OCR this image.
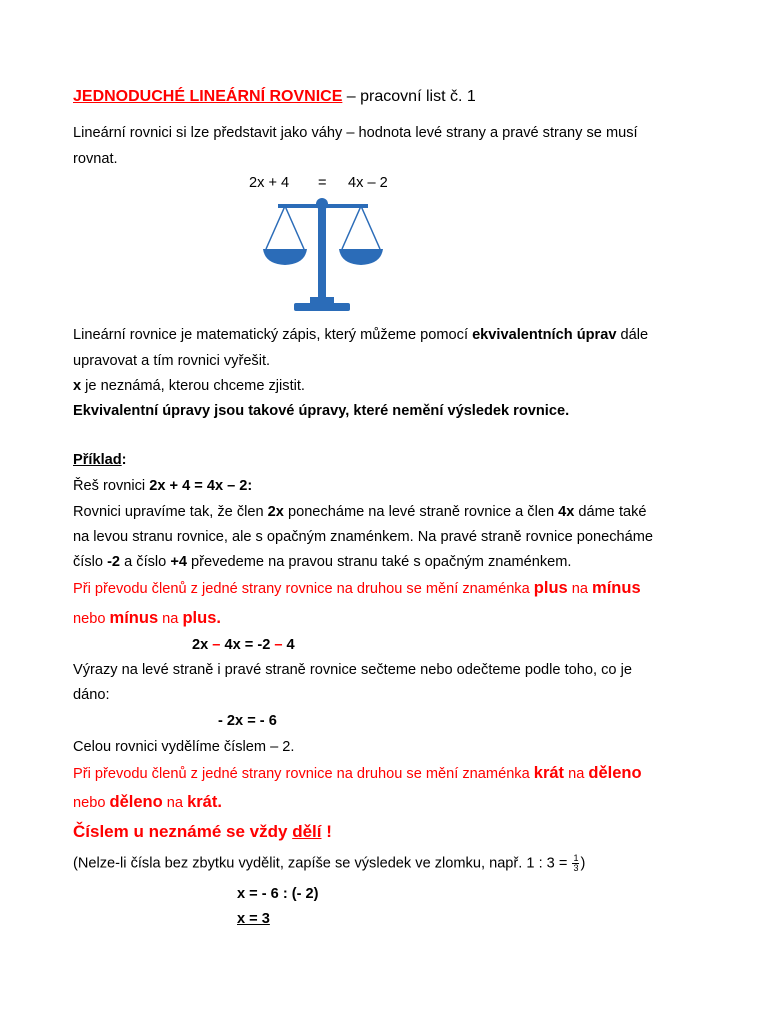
JEDNODUCHÉ LINEÁRNÍ ROVNICE – pracovní list č. 1
Lineární rovnici si lze představit jako váhy – hodnota levé strany a pravé strany se musí
rovnat.
2x + 4 = 4x – 2
Lineární rovnice je matematický zápis, který můžeme pomocí ekvivalentních úprav dále
upravovat a tím rovnici vyřešit.
x je neznámá, kterou chceme zjistit.
Ekvivalentní úpravy jsou takové úpravy, které nemění výsledek rovnice.
Příklad:
Řeš rovnici 2x + 4 = 4x – 2:
Rovnici upravíme tak, že člen 2x ponecháme na levé straně rovnice a člen 4x dáme také
na levou stranu rovnice, ale s opačným znaménkem. Na pravé straně rovnice ponecháme
číslo -2 a číslo +4 převedeme na pravou stranu také s opačným znaménkem.
Při převodu členů z jedné strany rovnice na druhou se mění znaménka plus na mínus
nebo mínus na plus.
2x – 4x = -2 – 4
Výrazy na levé straně i pravé straně rovnice sečteme nebo odečteme podle toho, co je
dáno:
- 2x = - 6
Celou rovnici vydělíme číslem – 2.
Při převodu členů z jedné strany rovnice na druhou se mění znaménka krát na děleno
nebo děleno na krát.
Číslem u neznámé se vždy dělí !
(Nelze-li čísla bez zbytku vydělit, zapíše se výsledek ve zlomku, např. 1 : $3 = \frac{1}{3}$ )
x = - 6 : (- 2)
x = 3
